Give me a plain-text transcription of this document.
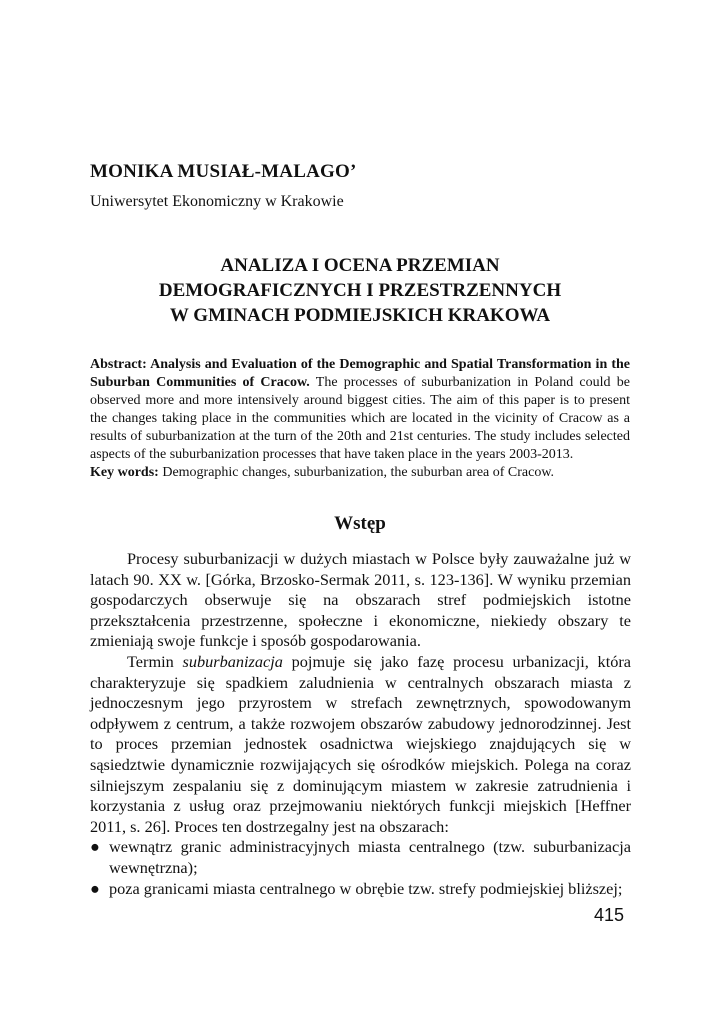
MONIKA MUSIAŁ-MALAGO’
Uniwersytet Ekonomiczny w Krakowie
ANALIZA I OCENA PRZEMIAN
DEMOGRAFICZNYCH I PRZESTRZENNYCH
W GMINACH PODMIEJSKICH KRAKOWA

Abstract: Analysis and Evaluation of the Demographic and Spatial Transformation in the Suburban Communities of Cracow. The processes of suburbanization in Poland could be observed more and more intensively around biggest cities. The aim of this paper is to present the changes taking place in the communities which are located in the vicinity of Cracow as a results of suburbanization at the turn of the 20th and 21st centuries. The study includes selected aspects of the suburbanization processes that have taken place in the years 2003-2013.

Key words: Demographic changes, suburbanization, the suburban area of Cracow.

Wstęp

Procesy suburbanizacji w dużych miastach w Polsce były zauważalne już w latach 90. XX w. [Górka, Brzosko-Sermak 2011, s. 123-136]. W wyniku przemian gospodarczych obserwuje się na obszarach stref podmiejskich istotne przekształcenia przestrzenne, społeczne i ekonomiczne, niekiedy obszary te zmieniają swoje funkcje i sposób gospodarowania.

Termin suburbanizacja pojmuje się jako fazę procesu urbanizacji, która charakteryzuje się spadkiem zaludnienia w centralnych obszarach miasta z jednoczesnym jego przyrostem w strefach zewnętrznych, spowodowanym odpływem z centrum, a także rozwojem obszarów zabudowy jednorodzinnej. Jest to proces przemian jednostek osadnictwa wiejskiego znajdujących się w sąsiedztwie dynamicznie rozwijających się ośrodków miejskich. Polega na coraz silniejszym zespalaniu się z dominującym miastem w zakresie zatrudnienia i korzystania z usług oraz przejmowaniu niektórych funkcji miejskich [Heffner 2011, s. 26]. Proces ten dostrzegalny jest na obszarach:

● wewnątrz granic administracyjnych miasta centralnego (tzw. suburbanizacja wewnętrzna);
● poza granicami miasta centralnego w obrębie tzw. strefy podmiejskiej bliższej;
415
